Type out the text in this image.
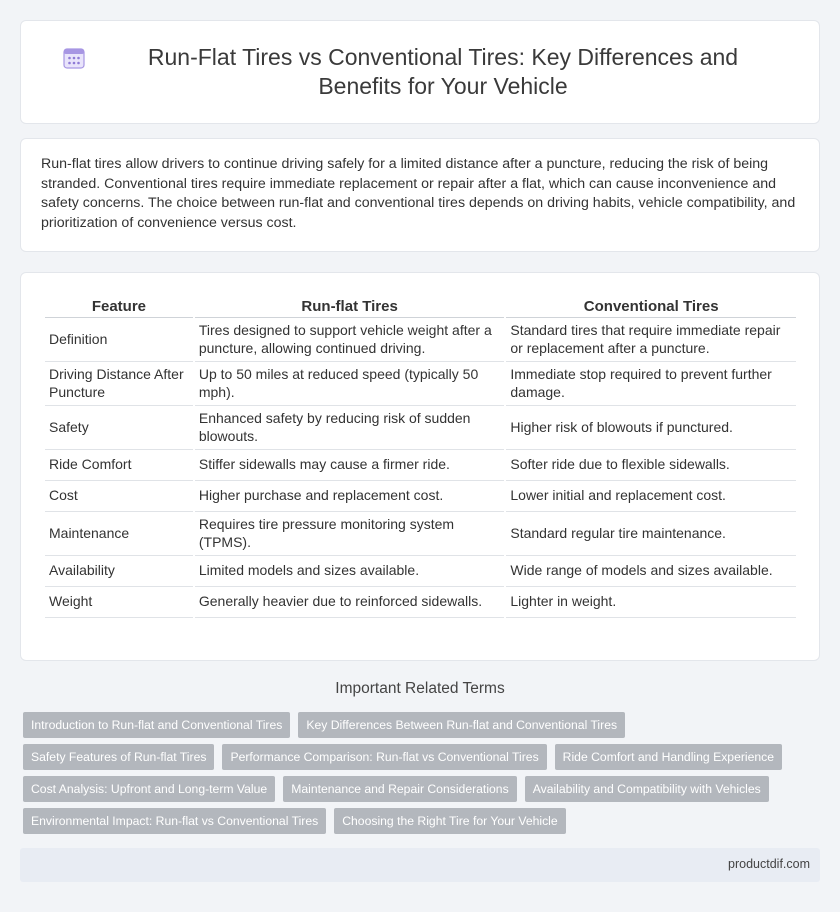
Run-Flat Tires vs Conventional Tires: Key Differences and Benefits for Your Vehicle

Run-flat tires allow drivers to continue driving safely for a limited distance after a puncture, reducing the risk of being stranded. Conventional tires require immediate replacement or repair after a flat, which can cause inconvenience and safety concerns. The choice between run-flat and conventional tires depends on driving habits, vehicle compatibility, and prioritization of convenience versus cost.

Feature	Run-flat Tires	Conventional Tires
Definition	Tires designed to support vehicle weight after a puncture, allowing continued driving.	Standard tires that require immediate repair or replacement after a puncture.
Driving Distance After Puncture	Up to 50 miles at reduced speed (typically 50 mph).	Immediate stop required to prevent further damage.
Safety	Enhanced safety by reducing risk of sudden blowouts.	Higher risk of blowouts if punctured.
Ride Comfort	Stiffer sidewalls may cause a firmer ride.	Softer ride due to flexible sidewalls.
Cost	Higher purchase and replacement cost.	Lower initial and replacement cost.
Maintenance	Requires tire pressure monitoring system (TPMS).	Standard regular tire maintenance.
Availability	Limited models and sizes available.	Wide range of models and sizes available.
Weight	Generally heavier due to reinforced sidewalls.	Lighter in weight.
Important Related Terms
Introduction to Run-flat and Conventional Tires	Key Differences Between Run-flat and Conventional Tires
Safety Features of Run-flat Tires	Performance Comparison: Run-flat vs Conventional Tires	Ride Comfort and Handling Experience
Cost Analysis: Upfront and Long-term Value	Maintenance and Repair Considerations	Availability and Compatibility with Vehicles
Environmental Impact: Run-flat vs Conventional Tires	Choosing the Right Tire for Your Vehicle
productdif.com
